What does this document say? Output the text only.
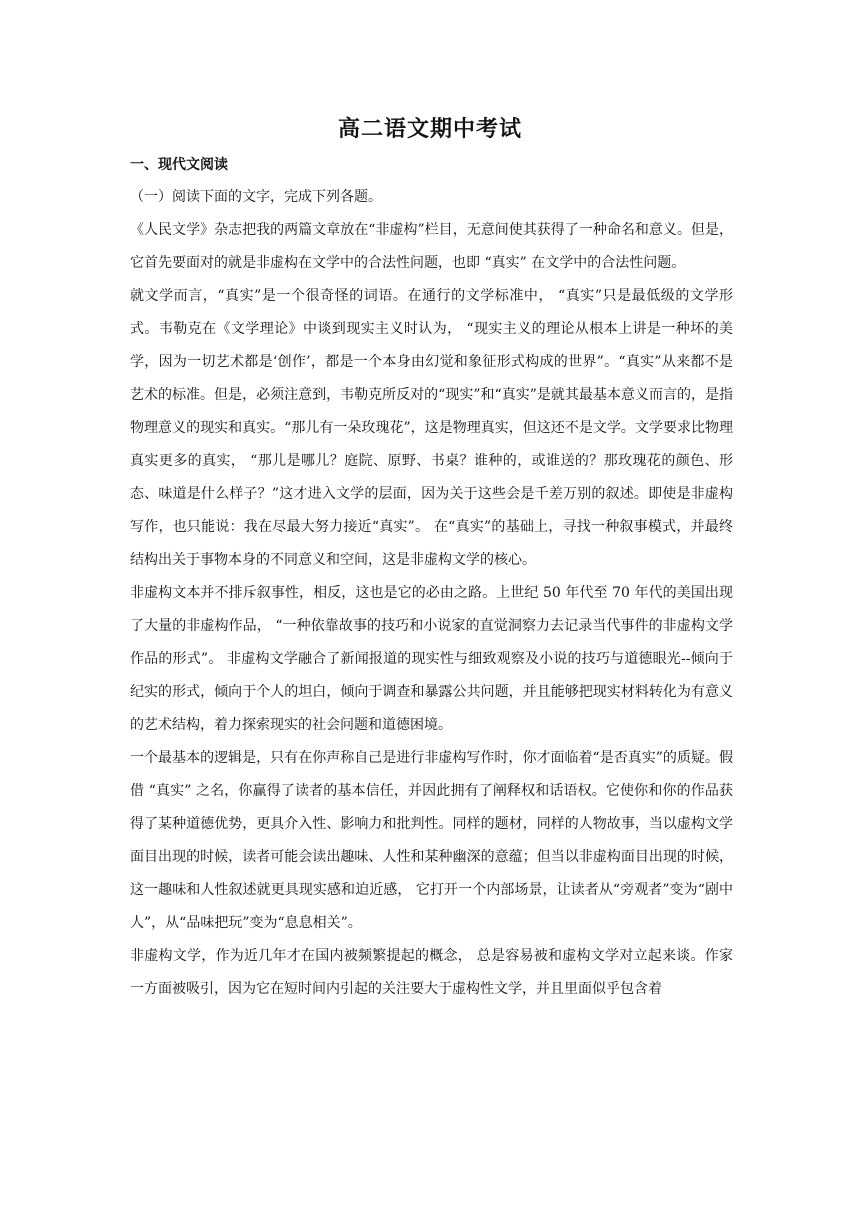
高二语文期中考试
一、现代文阅读
（一）阅读下面的文字，完成下列各题。

《人民文学》杂志把我的两篇文章放在“非虚构”栏目，无意间使其获得了一种命名和意义。但是，它首先要面对的就是非虚构在文学中的合法性问题，也即 “真实” 在文学中的合法性问题。

就文学而言，“真实”是一个很奇怪的词语。在通行的文学标准中， “真实”只是最低级的文学形式。韦勒克在《文学理论》中谈到现实主义时认为， “现实主义的理论从根本上讲是一种坏的美学，因为一切艺术都是‘创作’，都是一个本身由幻觉和象征形式构成的世界”。“真实”从来都不是艺术的标准。但是，必须注意到，韦勒克所反对的“现实”和“真实”是就其最基本意义而言的，是指物理意义的现实和真实。“那儿有一朵玫瑰花”，这是物理真实，但这还不是文学。文学要求比物理真实更多的真实， “那儿是哪儿？庭院、原野、书桌？谁种的，或谁送的？那玫瑰花的颜色、形态、味道是什么样子？”这才进入文学的层面，因为关于这些会是千差万别的叙述。即使是非虚构写作，也只能说：我在尽最大努力接近“真实”。 在“真实”的基础上，寻找一种叙事模式，并最终结构出关于事物本身的不同意义和空间，这是非虚构文学的核心。

非虚构文本并不排斥叙事性，相反，这也是它的必由之路。上世纪 50 年代至 70 年代的美国出现了大量的非虚构作品， “一种依靠故事的技巧和小说家的直觉洞察力去记录当代事件的非虚构文学作品的形式”。 非虚构文学融合了新闻报道的现实性与细致观察及小说的技巧与道德眼光--倾向于纪实的形式，倾向于个人的坦白，倾向于调查和暴露公共问题，并且能够把现实材料转化为有意义的艺术结构，着力探索现实的社会问题和道德困境。

一个最基本的逻辑是，只有在你声称自己是进行非虚构写作时，你才面临着“是否真实”的质疑。假借 “真实” 之名，你赢得了读者的基本信任，并因此拥有了阐释权和话语权。它使你和你的作品获得了某种道德优势，更具介入性、影响力和批判性。同样的题材，同样的人物故事，当以虚构文学面目出现的时候，读者可能会读出趣味、人性和某种幽深的意蕴；但当以非虚构面目出现的时候， 这一趣味和人性叙述就更具现实感和迫近感， 它打开一个内部场景，让读者从“旁观者”变为“剧中人”，从“品味把玩”变为“息息相关”。

非虚构文学，作为近几年才在国内被频繁提起的概念， 总是容易被和虚构文学对立起来谈。作家一方面被吸引，因为它在短时间内引起的关注要大于虚构性文学，并且里面似乎包含着
